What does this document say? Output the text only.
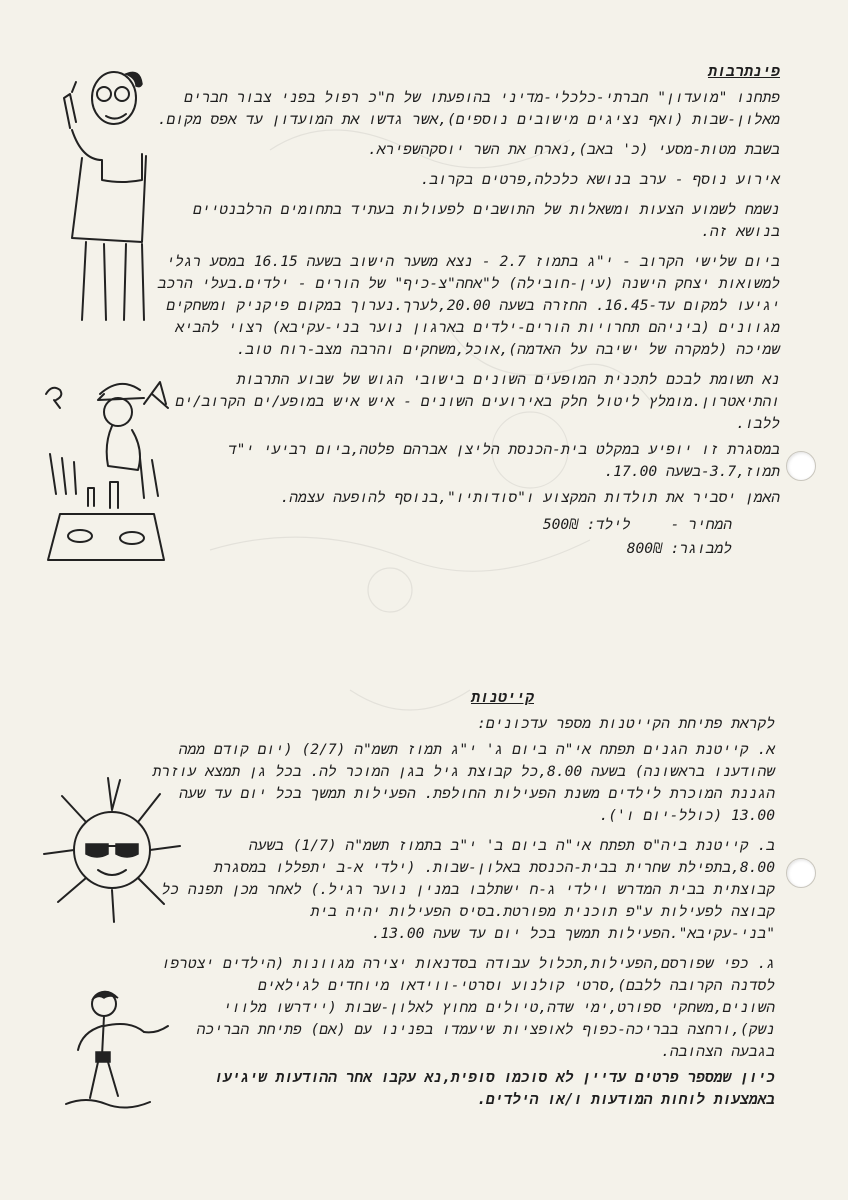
פינתרבות

פתחנו "מועדון" חברתי-כלכלי-מדיני בהופעתו של ח"כ רפול בפני צבור חברים מאלון-שבות (ואף נציגים מישובים נוספים),אשר גדשו את המועדון עד אפס מקום.

בשבת מטות-מסעי (כ' באב),נארח את השר יוסקהשפירא.

אירוע נוסף - ערב בנושא כלכלה,פרטים בקרוב.

נשמח לשמוע הצעות ומשאלות של התושבים לפעולות בעתיד בתחומים הרלבנטיים בנושא זה.

ביום שלישי הקרוב - י"ג בתמוז 2.7 - נצא משער הישוב בשעה 16.15 במסע רגלי למשואות יצחק הישנה (עין-חובילה) ל"אחה"צ-כיף" של הורים - ילדים.בעלי הרכב יגיעו למקום עד-16.45. החזרה בשעה 20.00,לערך.נערוך במקום פיקניק ומשחקים מגוונים (ביניהם תחרויות הורים-ילדים בארגון נוער בני-עקיבא) רצוי להביא שמיכה (למקרה של ישיבה על האדמה),אוכל,משחקים והרבה מצב-רוח טוב.

נא תשומת לבכם לתכנית המופעים השונים בישובי הגוש של שבוע התרבות והתיאטרון.מומלץ ליטול חלק באירועים השונים - איש איש במופע/ים הקרוב/ים ללבו.

במסגרת זו יופיע במקלט בית-הכנסת הליצן אברהם פלטה,ביום רביעי י"ד תמוז,3.7-בשעה 17.00.

האמן יסביר את תולדות המקצוע ו"סודותיו",בנוסף להופעה עצמה.

המחיר -
לילד: 500₪
למבוגר: 800₪
קייטנות

לקראת פתיחת הקייטנות מספר עדכונים:

א. קייטנת הגנים תפתח אי"ה ביום ג' י"ג תמוז תשמ"ה (2/7) (יום קודם ממה שהודענו בראשונה) בשעה 8.00,כל קבוצת גיל בגן המוכר לה. בכל גן תמצא עוזרת הגננת המוכרת לילדים משנת הפעילות החולפת. הפעילות תמשך בכל יום עד שעה 13.00 (כולל-יום ו').

ב. קייטנת ביה"ס תפתח אי"ה ביום ב' י"ב בתמוז תשמ"ה (1/7) בשעה 8.00,בתפילת שחרית בבית-הכנסת באלון-שבות. (ילדי א-ב יתפללו במסגרת קבוצתית בבית המדרש וילדי ג-ח ישתלבו במנין נוער רגיל.) לאחר מכן תפנה כל קבוצה לפעילות ע"פ תוכנית מפורטת.בסיס הפעילות יהיה בית "בני-עקיבא".הפעילות תמשך בכל יום עד שעה 13.00.

ג. כפי שפורסם,הפעילות,תכלול עבודה בסדנאות יצירה מגוונות (הילדים יצטרפו לסדנה הקרובה ללבם),סרטי קולנוע וסרטי-ווידאו מיוחדים לגילאים השונים,משחקי ספורט,ימי שדה,טיולים מחוץ לאלון-שבות (יידרשו מלווי נשק),ורחצה בבריכה-כפוף לאופציות שיעמדו בפנינו עם (אם) פתיחת הבריכה בגבעה הצהובה.

כיון שמספר פרטים עדיין לא סוכמו סופית,נא עקבו אחר ההודעות שיגיעו באמצעות לוחות המודעות ו/או הילדים.
